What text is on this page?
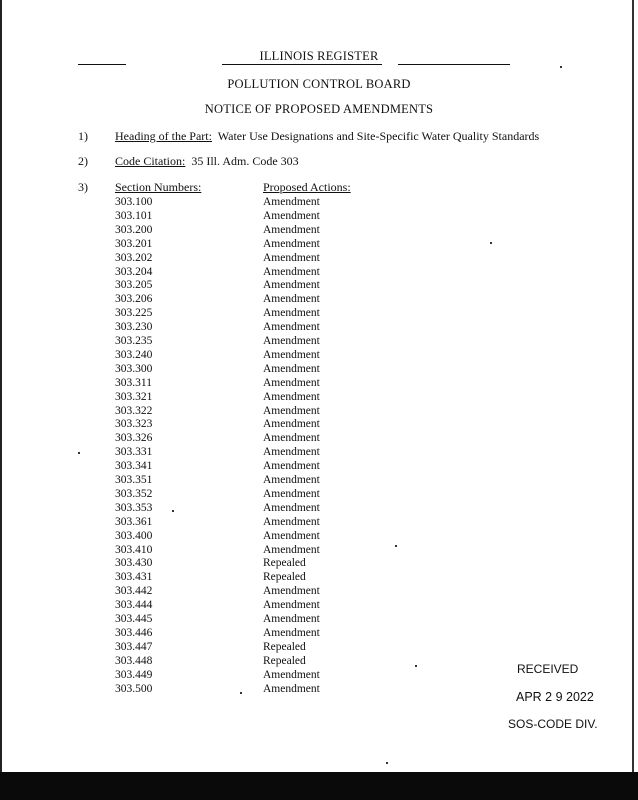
ILLINOIS REGISTER
POLLUTION CONTROL BOARD
NOTICE OF PROPOSED AMENDMENTS
1) Heading of the Part: Water Use Designations and Site-Specific Water Quality Standards
2) Code Citation: 35 Ill. Adm. Code 303
3) Section Numbers:	Proposed Actions:
303.100	Amendment
303.101	Amendment
303.200	Amendment
303.201	Amendment
303.202	Amendment
303.204	Amendment
303.205	Amendment
303.206	Amendment
303.225	Amendment
303.230	Amendment
303.235	Amendment
303.240	Amendment
303.300	Amendment
303.311	Amendment
303.321	Amendment
303.322	Amendment
303.323	Amendment
303.326	Amendment
303.331	Amendment
303.341	Amendment
303.351	Amendment
303.352	Amendment
303.353	Amendment
303.361	Amendment
303.400	Amendment
303.410	Amendment
303.430	Repealed
303.431	Repealed
303.442	Amendment
303.444	Amendment
303.445	Amendment
303.446	Amendment
303.447	Repealed
303.448	Repealed
303.449	Amendment
303.500	Amendment
RECEIVED
APR 2 9 2022
SOS-CODE DIV.
